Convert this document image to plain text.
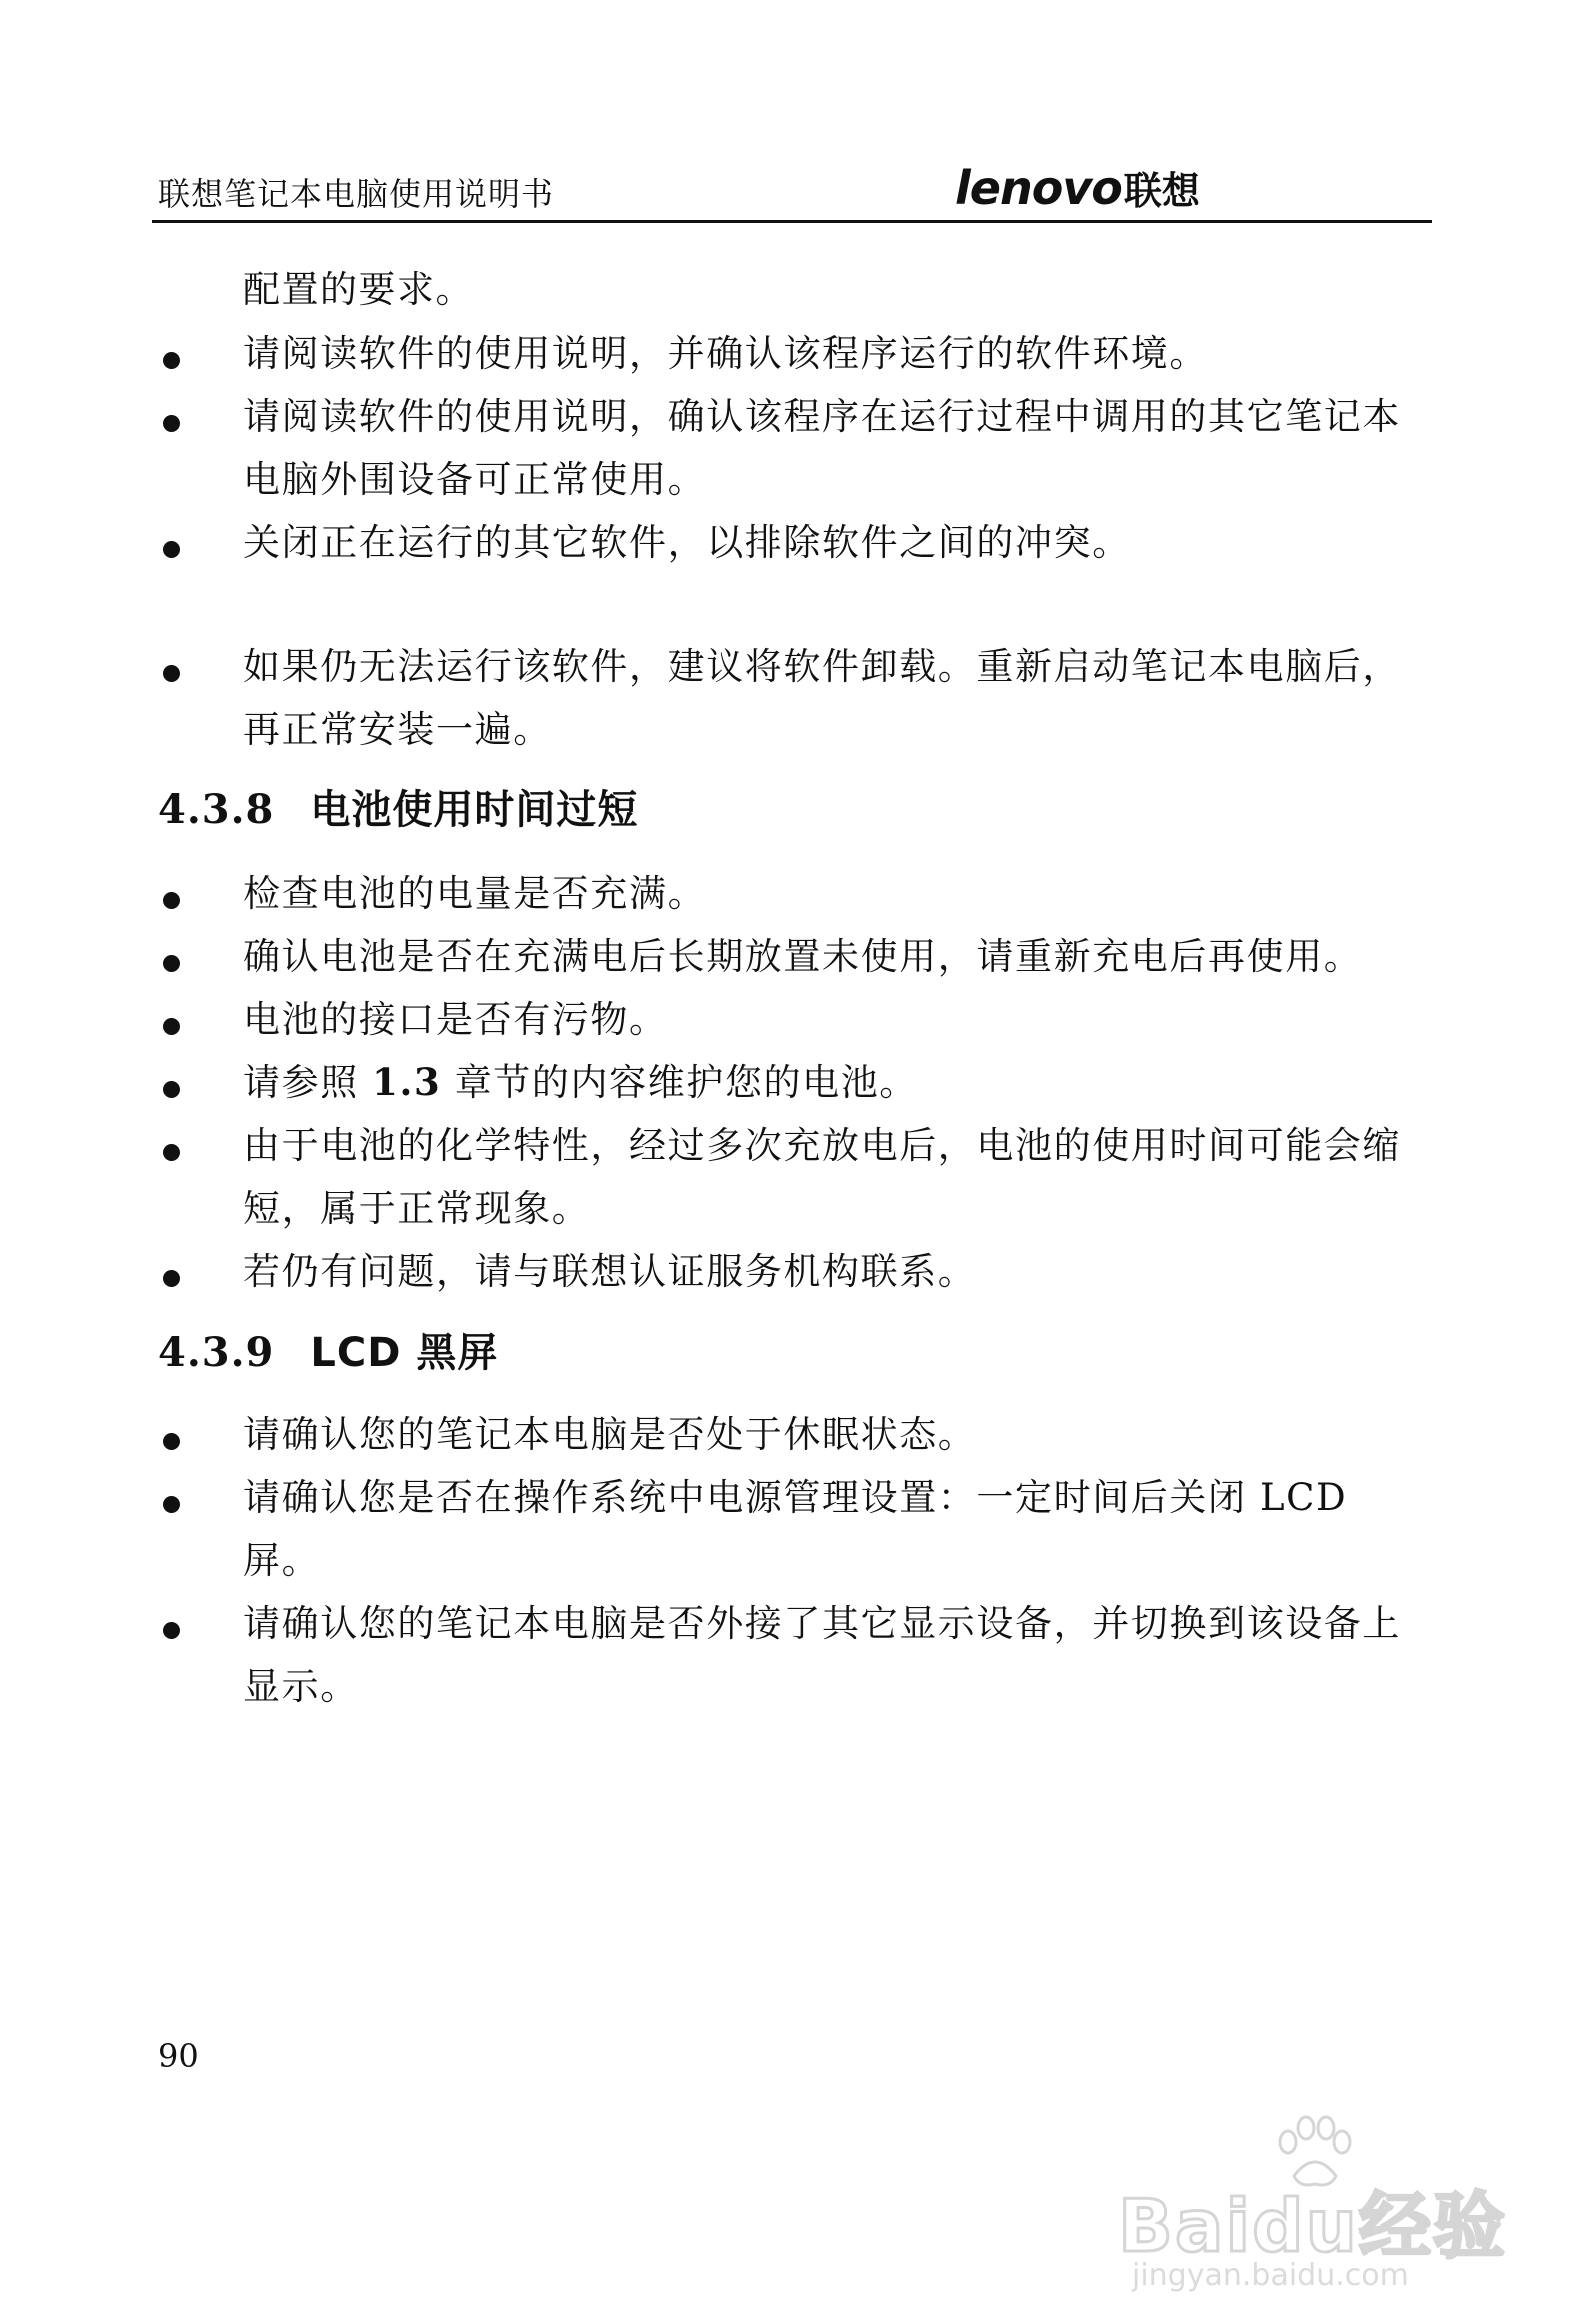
联想笔记本电脑使用说明书	lenovo联想
配置的要求。
请阅读软件的使用说明，并确认该程序运行的软件环境。
请阅读软件的使用说明，确认该程序在运行过程中调用的其它笔记本电脑外围设备可正常使用。
关闭正在运行的其它软件，以排除软件之间的冲突。
如果仍无法运行该软件，建议将软件卸载。重新启动笔记本电脑后，再正常安装一遍。
4.3.8 电池使用时间过短
检查电池的电量是否充满。
确认电池是否在充满电后长期放置未使用，请重新充电后再使用。
电池的接口是否有污物。
请参照 1.3 章节的内容维护您的电池。
由于电池的化学特性，经过多次充放电后，电池的使用时间可能会缩短，属于正常现象。
若仍有问题，请与联想认证服务机构联系。
4.3.9 LCD 黑屏
请确认您的笔记本电脑是否处于休眠状态。
请确认您是否在操作系统中电源管理设置：一定时间后关闭 LCD 屏。
请确认您的笔记本电脑是否外接了其它显示设备，并切换到该设备上显示。
90
Baidu经验
jingyan.baidu.com
